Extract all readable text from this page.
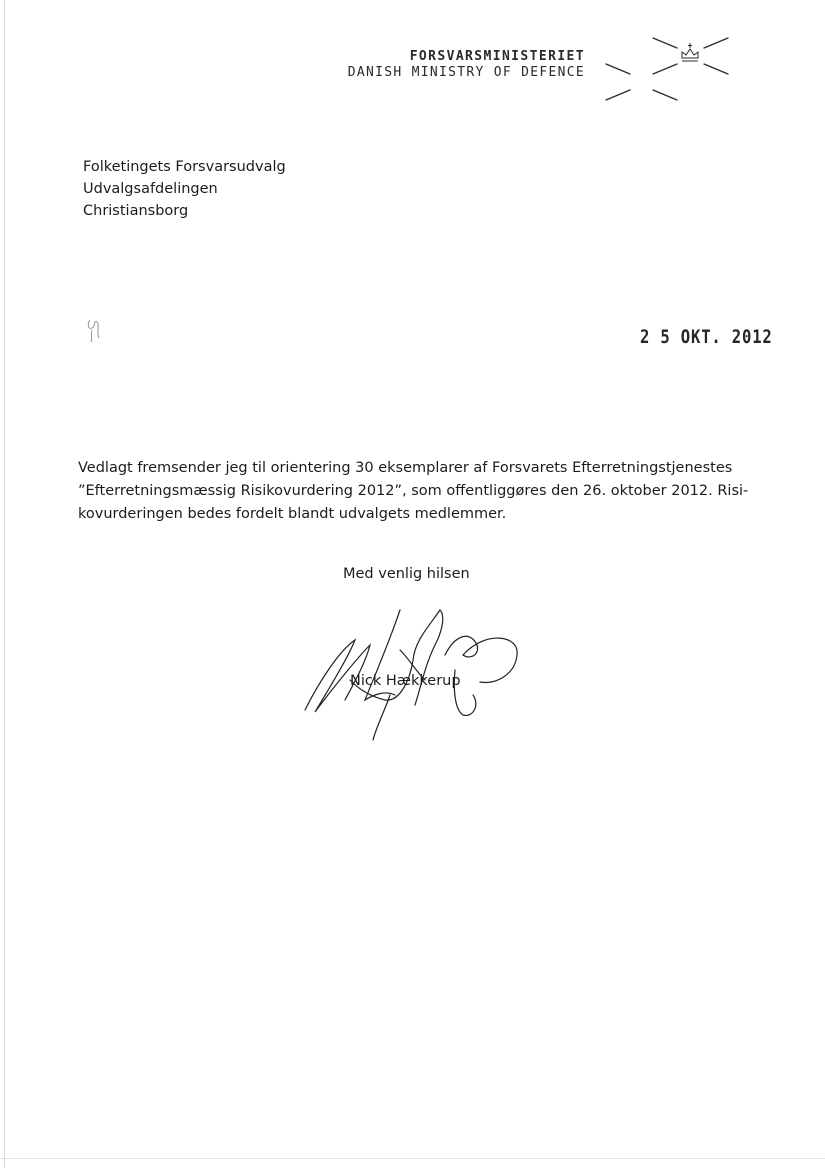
FORSVARSMINISTERIET
DANISH MINISTRY OF DEFENCE
Folketingets Forsvarsudvalg
Udvalgsafdelingen
Christiansborg
2 5 OKT. 2012
Vedlagt fremsender jeg til orientering 30 eksemplarer af Forsvarets Efterretningstjenestes
”Efterretningsmæssig Risikovurdering 2012”, som offentliggøres den 26. oktober 2012. Risi-
kovurderingen bedes fordelt blandt udvalgets medlemmer.
Med venlig hilsen
Nick Hækkerup
